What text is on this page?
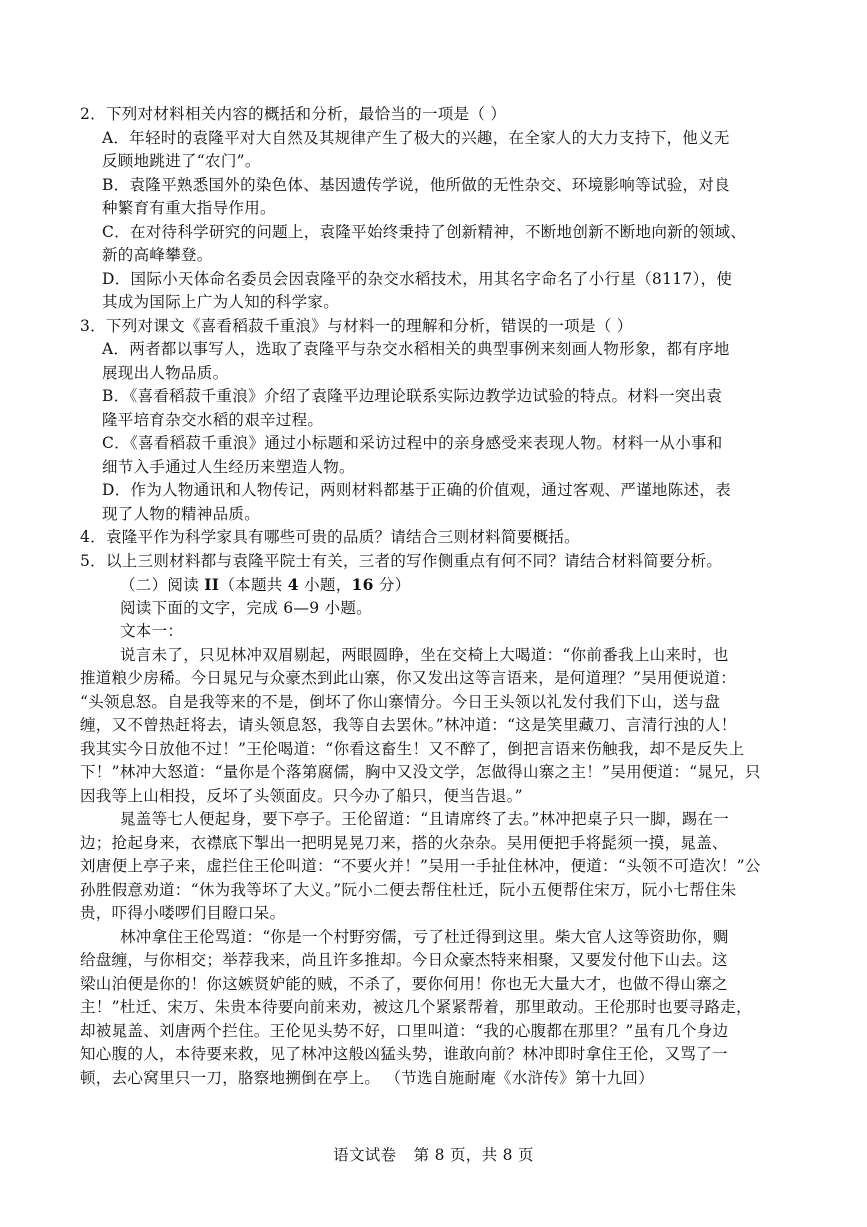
2．下列对材料相关内容的概括和分析，最恰当的一项是（ ）
A．年轻时的袁隆平对大自然及其规律产生了极大的兴趣，在全家人的大力支持下，他义无
反顾地跳进了“农门”。
B．袁隆平熟悉国外的染色体、基因遗传学说，他所做的无性杂交、环境影响等试验，对良
种繁育有重大指导作用。
C．在对待科学研究的问题上，袁隆平始终秉持了创新精神，不断地创新不断地向新的领域、
新的高峰攀登。
D．国际小天体命名委员会因袁隆平的杂交水稻技术，用其名字命名了小行星（8117），使
其成为国际上广为人知的科学家。
3．下列对课文《喜看稻菽千重浪》与材料一的理解和分析，错误的一项是（ ）
A．两者都以事写人，选取了袁隆平与杂交水稻相关的典型事例来刻画人物形象，都有序地
展现出人物品质。
B．《喜看稻菽千重浪》介绍了袁隆平边理论联系实际边教学边试验的特点。材料一突出袁
隆平培育杂交水稻的艰辛过程。
C．《喜看稻菽千重浪》通过小标题和采访过程中的亲身感受来表现人物。材料一从小事和
细节入手通过人生经历来塑造人物。
D．作为人物通讯和人物传记，两则材料都基于正确的价值观，通过客观、严谨地陈述，表
现了人物的精神品质。
4．袁隆平作为科学家具有哪些可贵的品质？请结合三则材料简要概括。
5．以上三则材料都与袁隆平院士有关，三者的写作侧重点有何不同？请结合材料简要分析。
（二）阅读 II（本题共 4 小题，16 分）
阅读下面的文字，完成 6—9 小题。
文本一：
说言未了，只见林冲双眉剔起，两眼圆睁，坐在交椅上大喝道：“你前番我上山来时，也
推道粮少房稀。今日晁兄与众豪杰到此山寨，你又发出这等言语来，是何道理？”吴用便说道：
“头领息怒。自是我等来的不是，倒坏了你山寨情分。今日王头领以礼发付我们下山，送与盘
缠，又不曾热赶将去，请头领息怒，我等自去罢休。”林冲道：“这是笑里藏刀、言清行浊的人！
我其实今日放他不过！”王伦喝道：“你看这畜生！又不醉了，倒把言语来伤触我，却不是反失上
下！”林冲大怒道：“量你是个落第腐儒，胸中又没文学，怎做得山寨之主！”吴用便道：“晁兄，只
因我等上山相投，反坏了头领面皮。只今办了船只，便当告退。”
晁盖等七人便起身，要下亭子。王伦留道：“且请席终了去。”林冲把桌子只一脚，踢在一
边；抢起身来，衣襟底下掣出一把明晃晃刀来，搭的火杂杂。吴用便把手将髭须一摸，晁盖、
刘唐便上亭子来，虚拦住王伦叫道：“不要火并！”吴用一手扯住林冲，便道：“头领不可造次！”公
孙胜假意劝道：“休为我等坏了大义。”阮小二便去帮住杜迁，阮小五便帮住宋万，阮小七帮住朱
贵，吓得小喽啰们目瞪口呆。
林冲拿住王伦骂道：“你是一个村野穷儒，亏了杜迁得到这里。柴大官人这等资助你，赒
给盘缠，与你相交；举荐我来，尚且许多推却。今日众豪杰特来相聚，又要发付他下山去。这
梁山泊便是你的！你这嫉贤妒能的贼，不杀了，要你何用！你也无大量大才，也做不得山寨之
主！”杜迁、宋万、朱贵本待要向前来劝，被这几个紧紧帮着，那里敢动。王伦那时也要寻路走，
却被晁盖、刘唐两个拦住。王伦见头势不好，口里叫道：“我的心腹都在那里？”虽有几个身边
知心腹的人，本待要来救，见了林冲这般凶猛头势，谁敢向前？林冲即时拿住王伦，又骂了一
顿，去心窝里只一刀，胳察地搠倒在亭上。 （节选自施耐庵《水浒传》第十九回）
语文试卷 第 8 页，共 8 页
